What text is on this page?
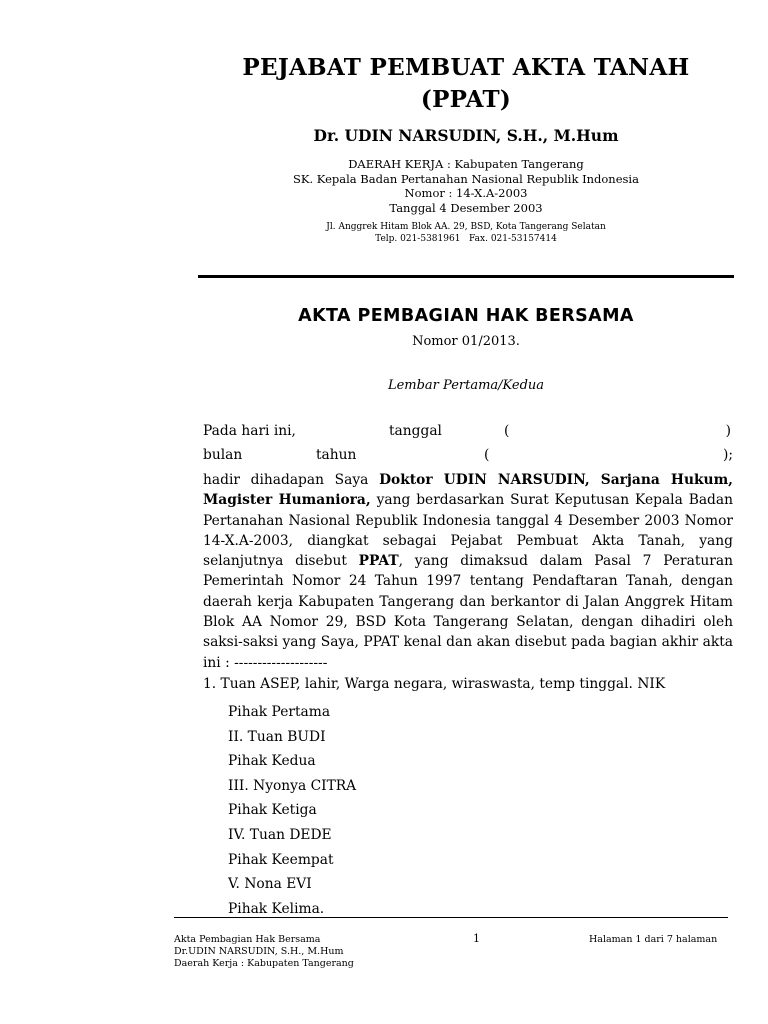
PEJABAT PEMBUAT AKTA TANAH
(PPAT)
Dr. UDIN NARSUDIN, S.H., M.Hum
DAERAH KERJA : Kabupaten Tangerang
SK. Kepala Badan Pertanahan Nasional Republik Indonesia
Nomor : 14-X.A-2003
Tanggal 4 Desember 2003
Jl. Anggrek Hitam Blok AA. 29, BSD, Kota Tangerang Selatan
Telp. 021-5381961   Fax. 021-53157414
AKTA PEMBAGIAN HAK BERSAMA
Nomor 01/2013.
Lembar Pertama/Kedua
Pada hari ini,	tanggal	(	)
bulan	tahun	(	);
hadir dihadapan Saya Doktor UDIN NARSUDIN, Sarjana Hukum, Magister Humaniora, yang berdasarkan Surat Keputusan Kepala Badan Pertanahan Nasional Republik Indonesia tanggal 4 Desember 2003 Nomor 14-X.A-2003, diangkat sebagai Pejabat Pembuat Akta Tanah, yang selanjutnya disebut PPAT, yang dimaksud dalam Pasal 7 Peraturan Pemerintah Nomor 24 Tahun 1997 tentang Pendaftaran Tanah, dengan daerah kerja Kabupaten Tangerang dan berkantor di Jalan Anggrek Hitam Blok AA Nomor 29, BSD Kota Tangerang Selatan, dengan dihadiri oleh saksi-saksi yang Saya, PPAT kenal dan akan disebut pada bagian akhir akta ini : --------------------
1. Tuan ASEP, lahir, Warga negara, wiraswasta, temp tinggal. NIK
Pihak Pertama
II. Tuan BUDI
Pihak Kedua
III. Nyonya CITRA
Pihak Ketiga
IV. Tuan DEDE
Pihak Keempat
V. Nona EVI
Pihak Kelima.
Akta Pembagian Hak Bersama
Dr.UDIN NARSUDIN, S.H., M.Hum
Daerah Kerja : Kabupaten Tangerang
1	Halaman 1 dari 7 halaman
